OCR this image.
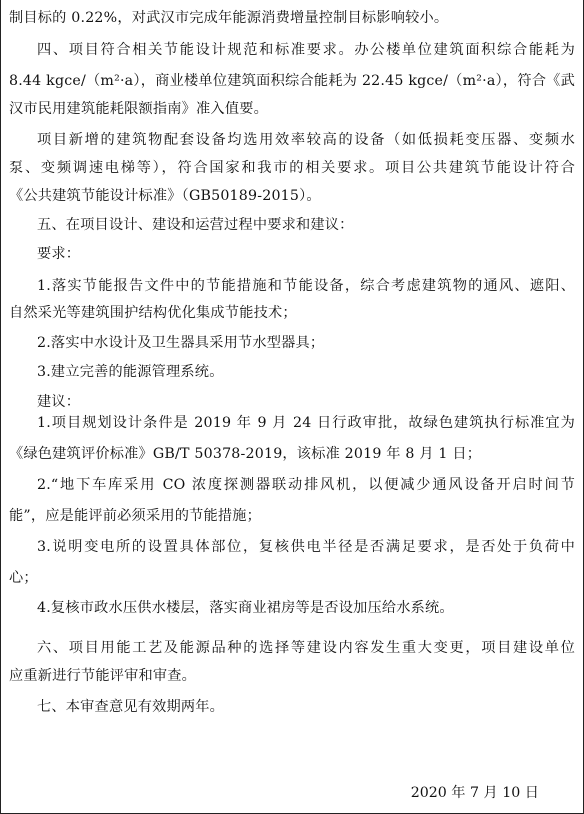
制目标的 0.22%，对武汉市完成年能源消费增量控制目标影响较小。
四、项目符合相关节能设计规范和标准要求。办公楼单位建筑面积综合能耗为
8.44 kgce/（m²·a），商业楼单位建筑面积综合能耗为 22.45 kgce/（m²·a），符合《武
汉市民用建筑能耗限额指南》准入值要。
项目新增的建筑物配套设备均选用效率较高的设备（如低损耗变压器、变频水
泵、变频调速电梯等），符合国家和我市的相关要求。项目公共建筑节能设计符合
《公共建筑节能设计标准》（GB50189-2015）。
五、在项目设计、建设和运营过程中要求和建议：
要求：
1.落实节能报告文件中的节能措施和节能设备，综合考虑建筑物的通风、遮阳、
自然采光等建筑围护结构优化集成节能技术；
2.落实中水设计及卫生器具采用节水型器具；
3.建立完善的能源管理系统。
建议：
1.项目规划设计条件是 2019 年 9 月 24 日行政审批，故绿色建筑执行标准宜为
《绿色建筑评价标准》GB/T 50378-2019，该标准 2019 年 8 月 1 日；
2.“地下车库采用 CO 浓度探测器联动排风机，以便减少通风设备开启时间节
能”，应是能评前必须采用的节能措施；
3.说明变电所的设置具体部位，复核供电半径是否满足要求，是否处于负荷中
心；
4.复核市政水压供水楼层，落实商业裙房等是否设加压给水系统。
六、项目用能工艺及能源品种的选择等建设内容发生重大变更，项目建设单位
应重新进行节能评审和审查。
七、本审查意见有效期两年。
2020 年 7 月 10 日
